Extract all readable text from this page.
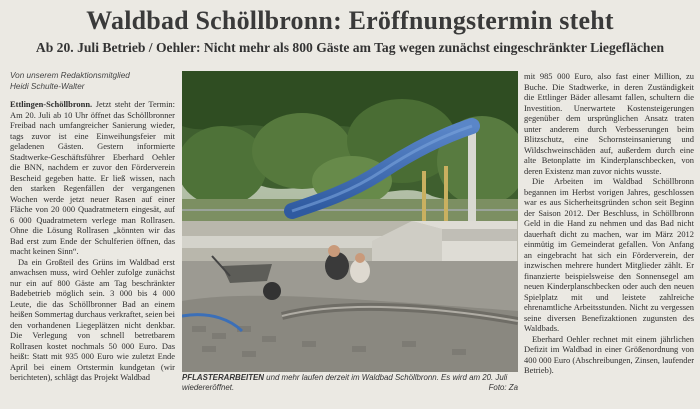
Waldbad Schöllbronn: Eröffnungstermin steht
Ab 20. Juli Betrieb / Oehler: Nicht mehr als 800 Gäste am Tag wegen zunächst eingeschränkter Liegeflächen
Von unserem Redaktionsmitglied
Heidi Schulte-Walter

Ettlingen-Schöllbronn. Jetzt steht der Termin: Am 20. Juli ab 10 Uhr öffnet das Schöllbronner Freibad nach umfangreicher Sanierung wieder, tags zuvor ist eine Einweihungsfeier mit geladenen Gästen. Gestern informierte Stadtwerke-Geschäftsführer Eberhard Oehler die BNN, nachdem er zuvor den Förderverein Bescheid gegeben hatte. Er ließ wissen, nach den starken Regenfällen der vergangenen Wochen werde jetzt neuer Rasen auf einer Fläche von 20 000 Quadratmetern eingesät, auf 6 000 Quadratmetern verlege man Rollrasen. Ohne die Lösung Rollrasen „könnten wir das Bad erst zum Ende der Schulferien öffnen, das macht keinen Sinn“.

Da ein Großteil des Grüns im Waldbad erst anwachsen muss, wird Oehler zufolge zunächst nur ein auf 800 Gäste am Tag beschränkter Badebetrieb möglich sein. 3 000 bis 4 000 Leute, die das Schöllbronner Bad an einem heißen Sommertag durchaus verkraftet, seien bei den vorhandenen Liegeplätzen nicht denkbar. Die Verlegung von schnell betretbarem Rollrasen kostet nochmals 50 000 Euro. Das heißt: Statt mit 935 000 Euro wie zuletzt Ende April bei einem Ortstermin kundgetan (wir berichteten), schlägt das Projekt Waldbad	PFLASTERARBEITEN und mehr laufen derzeit im Waldbad Schöllbronn. Es wird am 20. Juli wiedereröffnet.	Foto: Za

mit 985 000 Euro, also fast einer Million, zu Buche. Die Stadtwerke, in deren Zuständigkeit die Ettlinger Bäder allesamt fallen, schultern die Investition. Unerwartete Kostensteigerungen gegenüber dem ursprünglichen Ansatz traten unter anderem durch Verbesserungen beim Blitzschutz, eine Schornsteinsanierung und Wildschweinschäden auf, außerdem durch eine alte Betonplatte im Kinderplanschbecken, von deren Existenz man zuvor nichts wusste.

Die Arbeiten im Waldbad Schöllbronn begannen im Herbst vorigen Jahres, geschlossen war es aus Sicherheitsgründen schon seit Beginn der Saison 2012. Der Beschluss, in Schöllbronn Geld in die Hand zu nehmen und das Bad nicht dauerhaft dicht zu machen, war im März 2012 einmütig im Gemeinderat gefallen. Von Anfang an eingebracht hat sich ein Förderverein, der inzwischen mehrere hundert Mitglieder zählt. Er finanzierte beispielsweise den Sonnensegel am neuen Kinderplanschbecken oder auch den neuen Spielplatz mit und leistete zahlreiche ehrenamtliche Arbeitsstunden. Nicht zu vergessen seine diversen Benefizaktionen zugunsten des Waldbads.

Eberhard Oehler rechnet mit einem jährlichen Defizit im Waldbad in einer Größenordnung von 400 000 Euro (Abschreibungen, Zinsen, laufender Betrieb).
